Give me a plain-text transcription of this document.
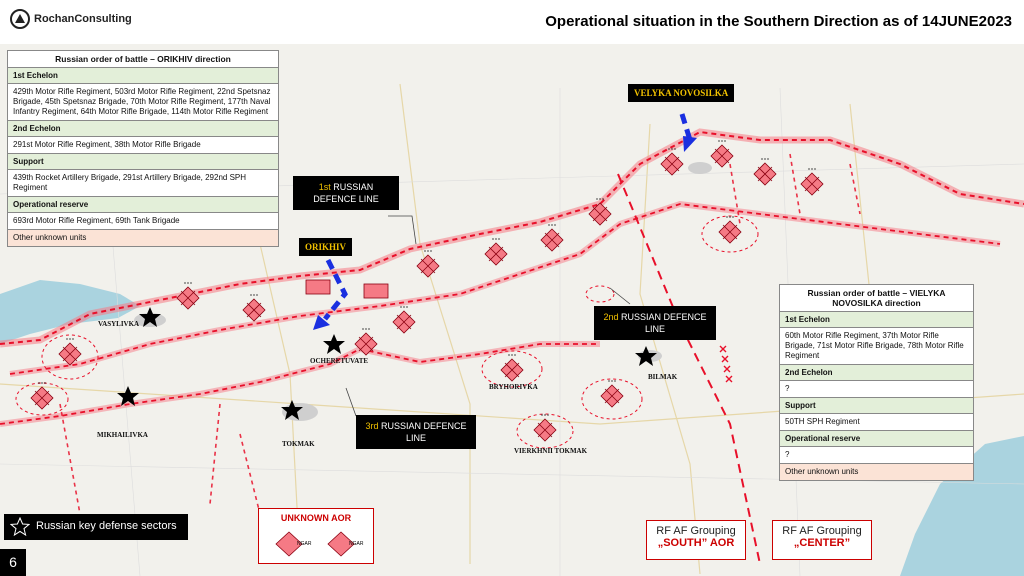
RochanConsulting	Operational situation in the Southern Direction as of 14JUNE2023
Russian order of battle – ORIKHIV direction
1st Echelon
429th Motor Rifle Regiment, 503rd Motor Rifle Regiment, 22nd Spetsnaz Brigade, 45th Spetsnaz Brigade, 70th Motor Rifle Regiment, 177th Naval Infantry Regiment, 64th Motor Rifle Brigade, 114th Motor Rifle Regiment
2nd Echelon
291st Motor Rifle Regiment, 38th Motor Rifle Brigade
Support
439th Rocket Artillery Brigade, 291st Artillery Brigade, 292nd SPH Regiment
Operational reserve
693rd Motor Rifle Regiment, 69th Tank Brigade
Other unknown units
Russian order of battle – VIELYKA NOVOSILKA direction
1st Echelon
60th Motor Rifle Regiment, 37th Motor Rifle Brigade, 71st Motor Rifle Brigade, 78th Motor Rifle Regiment
2nd Echelon
?
Support
50TH SPH Regiment
Operational reserve
?
Other unknown units
1st RUSSIAN DEFENCE LINE
2nd RUSSIAN DEFENCE LINE
3rd RUSSIAN DEFENCE LINE
ORIKHIV
VELYKA NOVOSILKA
VASYLIVKA
OCHERETUVATE
MIKHAILIVKA
TOKMAK
BRYHORIVKA
VIERKHNII TOKMAK
BILMAK
Russian key defense sectors
6
UNKNOWN AOR
NGAR	NGAR
RF AF Grouping
„SOUTH” AOR
RF AF Grouping
„CENTER”
